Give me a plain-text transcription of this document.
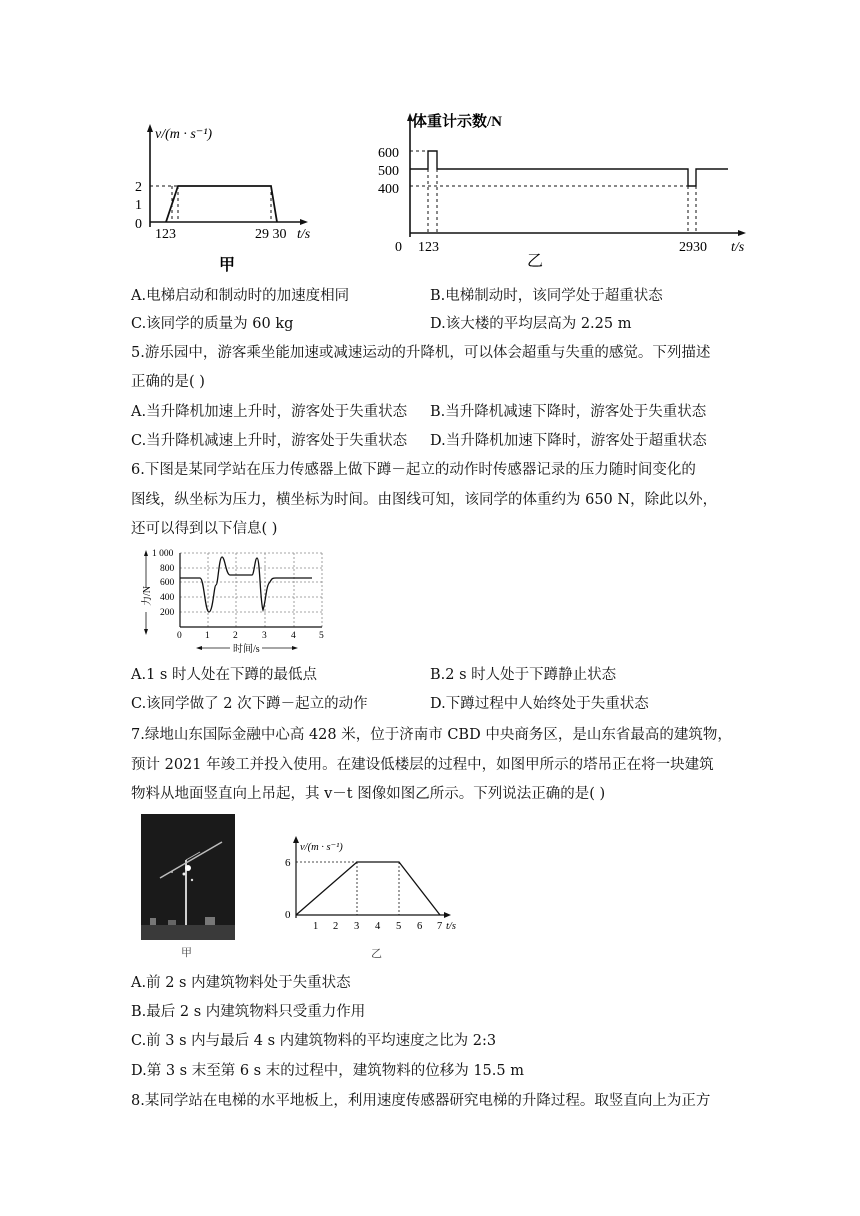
v/(m · s⁻¹)
2
1
0
123	29 30 t/s
甲
体重计示数/N
600
500
400
0 123	2930 t/s
乙
A.电梯启动和制动时的加速度相同	B.电梯制动时，该同学处于超重状态
C.该同学的质量为 60 kg	D.该大楼的平均层高为 2.25 m
5.游乐园中，游客乘坐能加速或减速运动的升降机，可以体会超重与失重的感觉。下列描述
正确的是( )
A.当升降机加速上升时，游客处于失重状态 B.当升降机减速下降时，游客处于失重状态
C.当升降机减速上升时，游客处于失重状态 D.当升降机加速下降时，游客处于超重状态
6.下图是某同学站在压力传感器上做下蹲－起立的动作时传感器记录的压力随时间变化的
图线，纵坐标为压力，横坐标为时间。由图线可知，该同学的体重约为 650 N，除此以外，
还可以得到以下信息( )
1 000
800
600
400
200
力/N
0 1 2	3	4 5
时间/s
A.1 s 时人处在下蹲的最低点	B.2 s 时人处于下蹲静止状态
C.该同学做了 2 次下蹲－起立的动作	D.下蹲过程中人始终处于失重状态
7.绿地山东国际金融中心高 428 米，位于济南市 CBD 中央商务区，是山东省最高的建筑物，
预计 2021 年竣工并投入使用。在建设低楼层的过程中，如图甲所示的塔吊正在将一块建筑
物料从地面竖直向上吊起，其 v－t 图像如图乙所示。下列说法正确的是( )
甲
v/(m · s⁻¹)
6
0
1 2 3 4 5 6 7 t/s
乙
A.前 2 s 内建筑物料处于失重状态
B.最后 2 s 内建筑物料只受重力作用
C.前 3 s 内与最后 4 s 内建筑物料的平均速度之比为 2:3
D.第 3 s 末至第 6 s 末的过程中，建筑物料的位移为 15.5 m
8.某同学站在电梯的水平地板上，利用速度传感器研究电梯的升降过程。取竖直向上为正方
